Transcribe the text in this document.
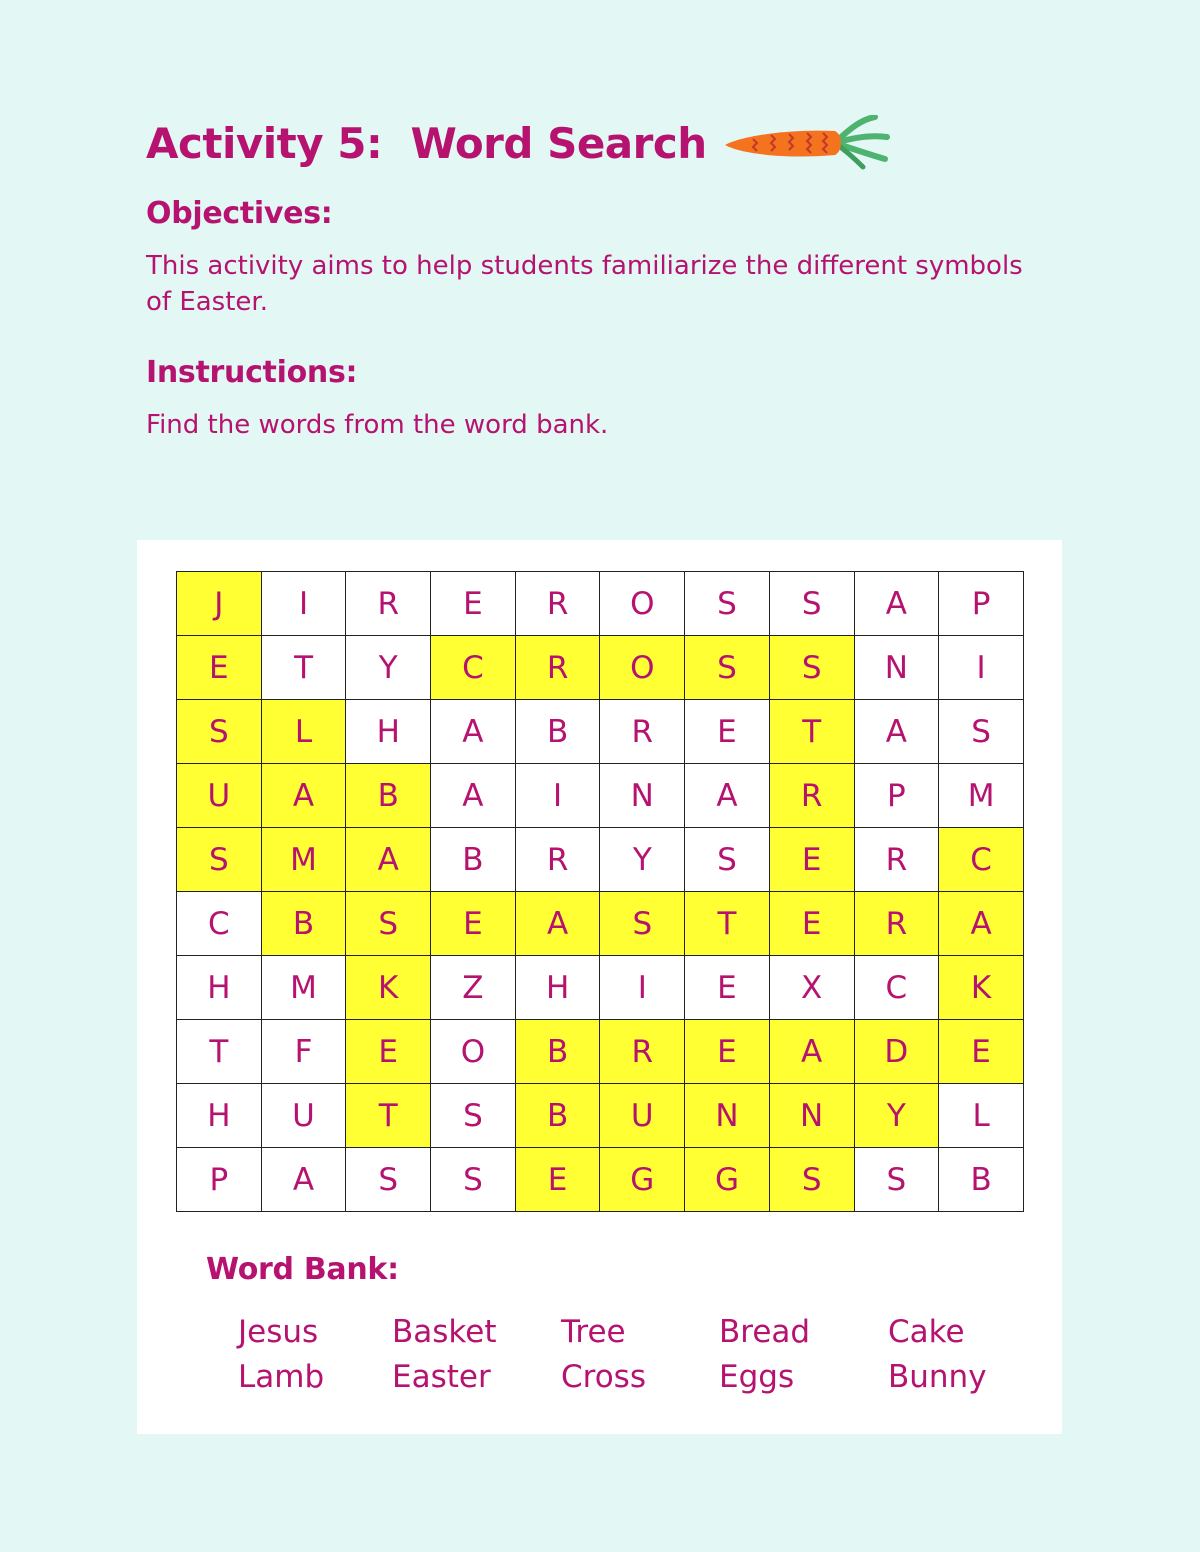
Activity 5:  Word Search
Objectives:

This activity aims to help students familiarize the different symbols of Easter.

Instructions:

Find the words from the word bank.

J	I	R	E	R	O	S	S	A	P
E	T	Y	C	R	O	S	S	N	I
S	L	H	A	B	R	E	T	A	S
U	A	B	A	I	N	A	R	P	M
S	M	A	B	R	Y	S	E	R	C
C	B	S	E	A	S	T	E	R	A
H	M	K	Z	H	I	E	X	C	K
T	F	E	O	B	R	E	A	D	E
H	U	T	S	B	U	N	N	Y	L
P	A	S	S	E	G	G	S	S	B
Word Bank:
Jesus
Lamb
Basket
Easter
Tree
Cross
Bread
Eggs
Cake
Bunny
